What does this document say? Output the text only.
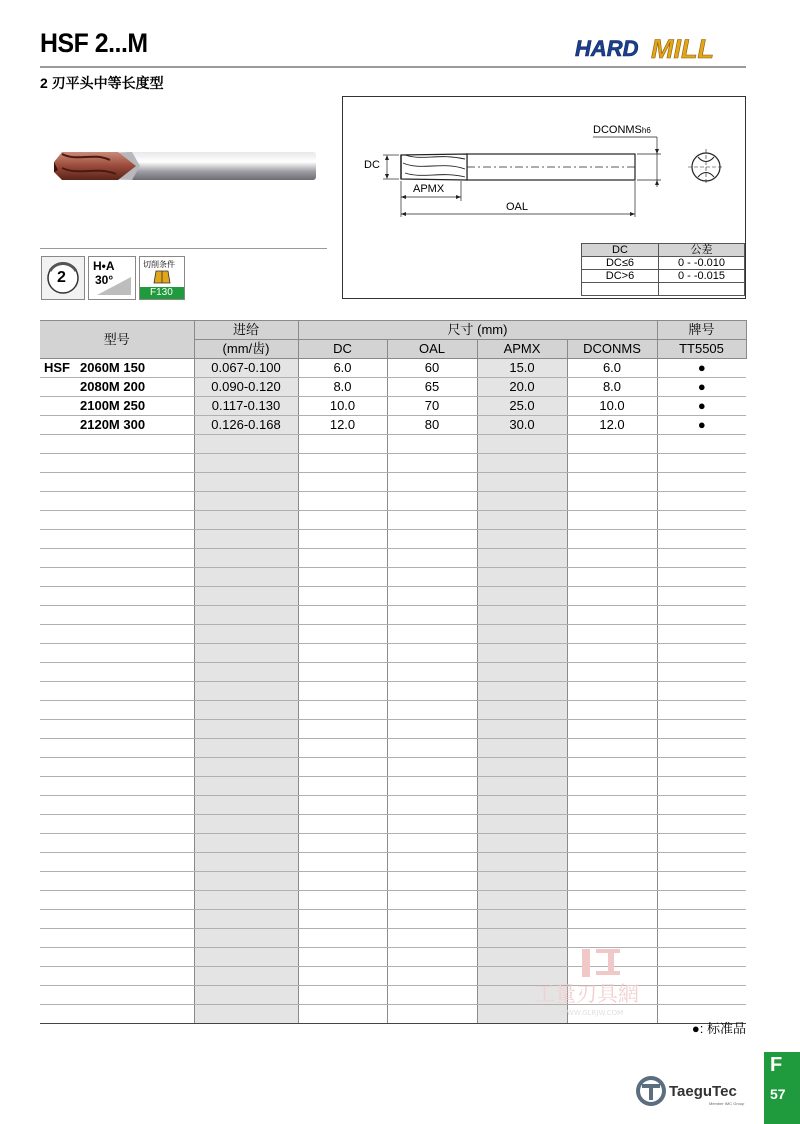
HSF 2...M	HARD MILL
2 刃平头中等长度型
2
H•A
30°
切削条件
F130
DC
DCONMSh6
APMX
OAL
DC	公差
DC≤6	0 - -0.010
DC>6	0 - -0.015

型号		进给	尺寸 (mm)				牌号
		(mm/齿)	DC	OAL	APMX	DCONMS	TT5505
HSF	2060M 150	0.067-0.100	6.0	60	15.0	6.0	●
	2080M 200	0.090-0.120	8.0	65	20.0	8.0	●
	2100M 250	0.117-0.130	10.0	70	25.0	10.0	●
	2120M 300	0.126-0.168	12.0	80	30.0	12.0	●

工量刃具網
WWW.GLRJW.COM
●: 标准品
TaeguTec
Member IMC Group
F
57
